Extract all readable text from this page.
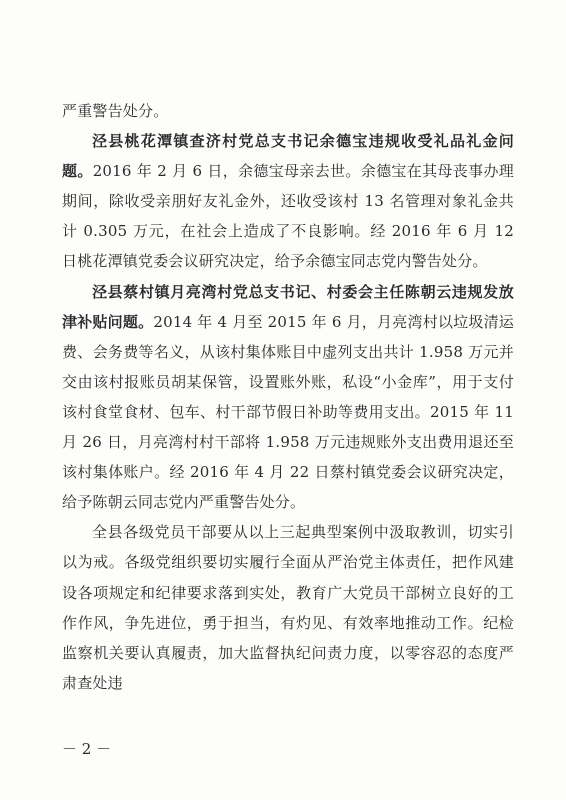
严重警告处分。

泾县桃花潭镇查济村党总支书记余德宝违规收受礼品礼金问题。2016 年 2 月 6 日，余德宝母亲去世。余德宝在其母丧事办理期间，除收受亲朋好友礼金外，还收受该村 13 名管理对象礼金共计 0.305 万元，在社会上造成了不良影响。经 2016 年 6 月 12 日桃花潭镇党委会议研究决定，给予余德宝同志党内警告处分。

泾县蔡村镇月亮湾村党总支书记、村委会主任陈朝云违规发放津补贴问题。2014 年 4 月至 2015 年 6 月，月亮湾村以垃圾清运费、会务费等名义，从该村集体账目中虚列支出共计 1.958 万元并交由该村报账员胡某保管，设置账外账，私设“小金库”，用于支付该村食堂食材、包车、村干部节假日补助等费用支出。2015 年 11 月 26 日，月亮湾村村干部将 1.958 万元违规账外支出费用退还至该村集体账户。经 2016 年 4 月 22 日蔡村镇党委会议研究决定，给予陈朝云同志党内严重警告处分。

全县各级党员干部要从以上三起典型案例中汲取教训，切实引以为戒。各级党组织要切实履行全面从严治党主体责任，把作风建设各项规定和纪律要求落到实处，教育广大党员干部树立良好的工作作风，争先进位，勇于担当，有灼见、有效率地推动工作。纪检监察机关要认真履责，加大监督执纪问责力度，以零容忍的态度严肃查处违

－ 2 －
